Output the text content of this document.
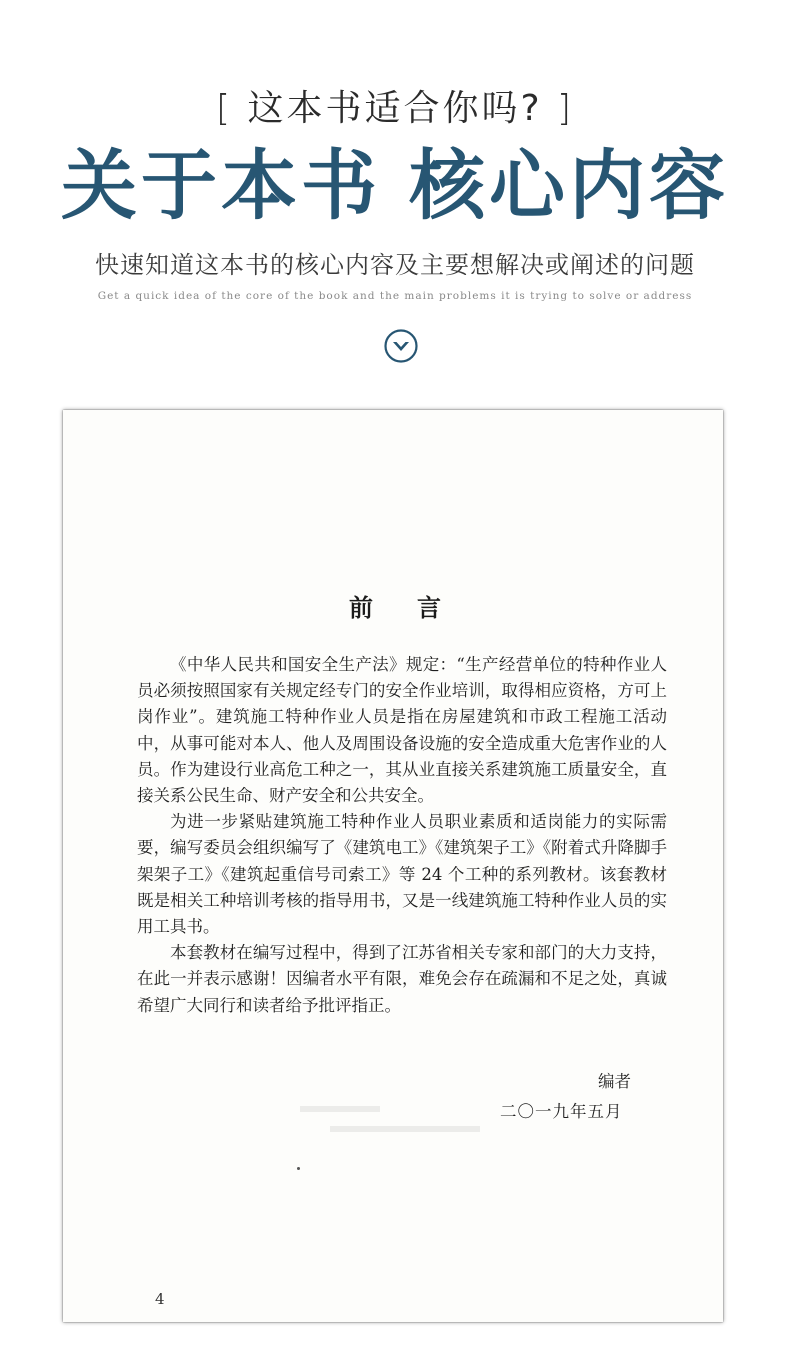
[ 这本书适合你吗? ]
关于本书 核心内容
快速知道这本书的核心内容及主要想解决或阐述的问题
Get a quick idea of the core of the book and the main problems it is trying to solve or address
前言

《中华人民共和国安全生产法》规定：“生产经营单位的特种作业人员必须按照国家有关规定经专门的安全作业培训，取得相应资格，方可上岗作业”。建筑施工特种作业人员是指在房屋建筑和市政工程施工活动中，从事可能对本人、他人及周围设备设施的安全造成重大危害作业的人员。作为建设行业高危工种之一，其从业直接关系建筑施工质量安全，直接关系公民生命、财产安全和公共安全。

为进一步紧贴建筑施工特种作业人员职业素质和适岗能力的实际需要，编写委员会组织编写了《建筑电工》《建筑架子工》《附着式升降脚手架架子工》《建筑起重信号司索工》等 24 个工种的系列教材。该套教材既是相关工种培训考核的指导用书，又是一线建筑施工特种作业人员的实用工具书。

本套教材在编写过程中，得到了江苏省相关专家和部门的大力支持，在此一并表示感谢！因编者水平有限，难免会存在疏漏和不足之处，真诚希望广大同行和读者给予批评指正。

编者
二〇一九年五月
4
